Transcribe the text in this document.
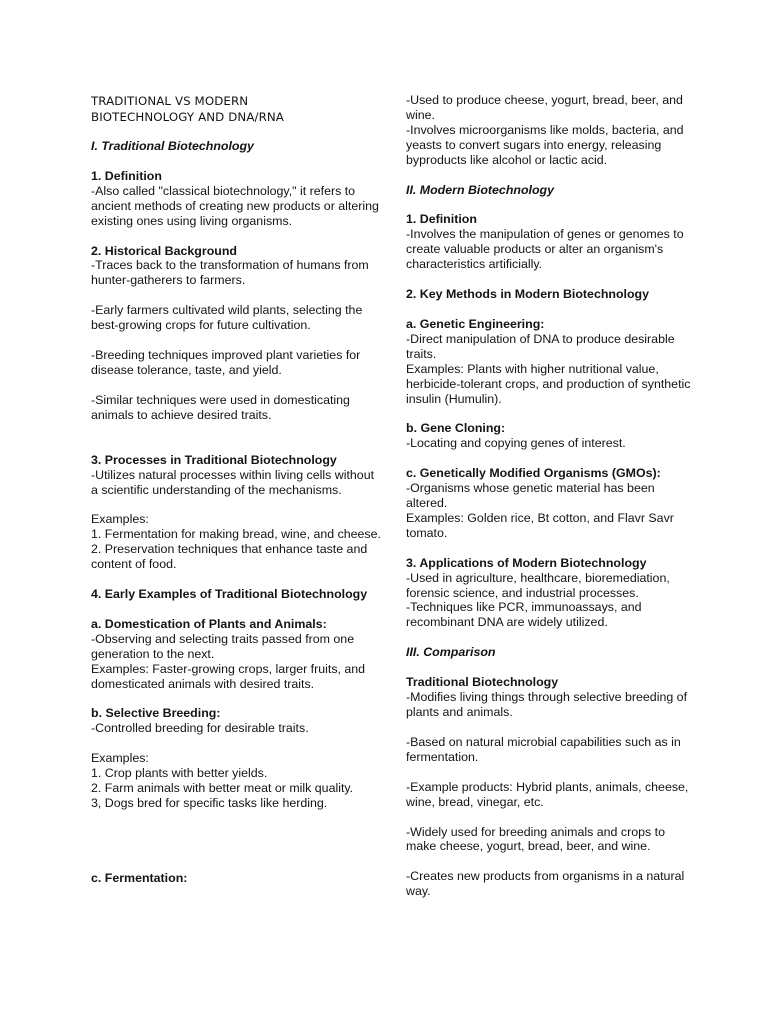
TRADITIONAL VS MODERN
BIOTECHNOLOGY AND DNA/RNA

I. Traditional Biotechnology

1. Definition

-Also called "classical biotechnology," it refers to ancient methods of creating new products or altering existing ones using living organisms.

2. Historical Background

-Traces back to the transformation of humans from hunter-gatherers to farmers.

-Early farmers cultivated wild plants, selecting the best-growing crops for future cultivation.

-Breeding techniques improved plant varieties for disease tolerance, taste, and yield.

-Similar techniques were used in domesticating animals to achieve desired traits.

3. Processes in Traditional Biotechnology

-Utilizes natural processes within living cells without a scientific understanding of the mechanisms.

Examples:

1. Fermentation for making bread, wine, and cheese.

2. Preservation techniques that enhance taste and content of food.

4. Early Examples of Traditional Biotechnology

a. Domestication of Plants and Animals:

-Observing and selecting traits passed from one generation to the next.

Examples: Faster-growing crops, larger fruits, and domesticated animals with desired traits.

b. Selective Breeding:

-Controlled breeding for desirable traits.

Examples:

1. Crop plants with better yields.

2. Farm animals with better meat or milk quality.

3, Dogs bred for specific tasks like herding.

c. Fermentation:

-Used to produce cheese, yogurt, bread, beer, and wine.

-Involves microorganisms like molds, bacteria, and yeasts to convert sugars into energy, releasing byproducts like alcohol or lactic acid.

II. Modern Biotechnology

1. Definition

-Involves the manipulation of genes or genomes to create valuable products or alter an organism's characteristics artificially.

2. Key Methods in Modern Biotechnology

a. Genetic Engineering:

-Direct manipulation of DNA to produce desirable traits.

Examples: Plants with higher nutritional value, herbicide-tolerant crops, and production of synthetic insulin (Humulin).

b. Gene Cloning:

-Locating and copying genes of interest.

c. Genetically Modified Organisms (GMOs):

-Organisms whose genetic material has been altered.

Examples: Golden rice, Bt cotton, and Flavr Savr tomato.

3. Applications of Modern Biotechnology

-Used in agriculture, healthcare, bioremediation, forensic science, and industrial processes.

-Techniques like PCR, immunoassays, and recombinant DNA are widely utilized.

III. Comparison

Traditional Biotechnology

-Modifies living things through selective breeding of plants and animals.

-Based on natural microbial capabilities such as in fermentation.

-Example products: Hybrid plants, animals, cheese, wine, bread, vinegar, etc.

-Widely used for breeding animals and crops to make cheese, yogurt, bread, beer, and wine.

-Creates new products from organisms in a natural way.
